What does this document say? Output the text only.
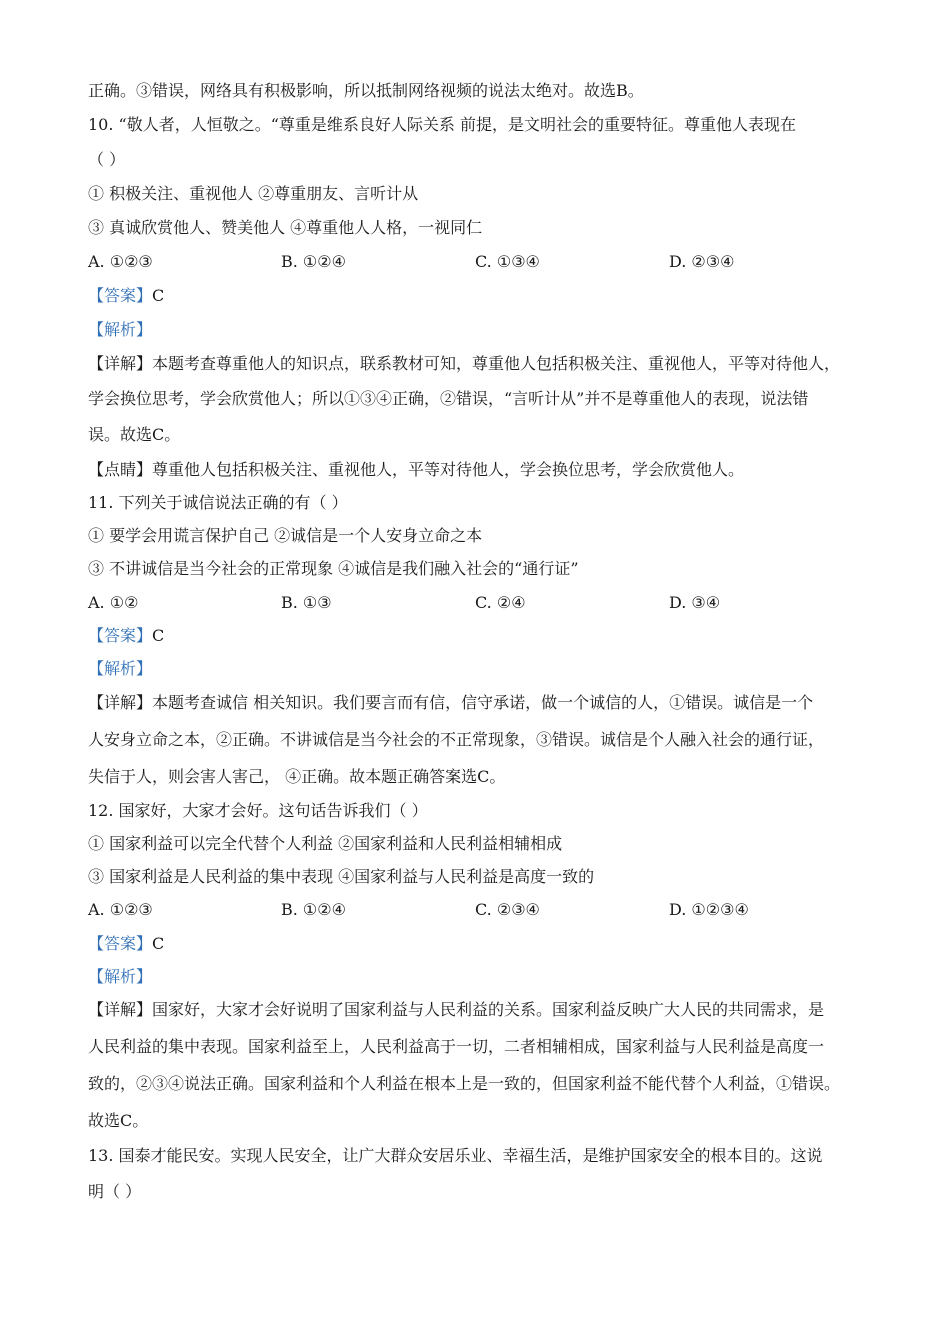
正确。③错误，网络具有积极影响，所以抵制网络视频的说法太绝对。故选B。
10. “敬人者，人恒敬之。“尊重是维系良好人际关系 前提，是文明社会的重要特征。尊重他人表现在
（ ）
① 积极关注、重视他人 ②尊重朋友、言听计从
③ 真诚欣赏他人、赞美他人 ④尊重他人人格，一视同仁
A. ①②③	B. ①②④	C. ①③④	D. ②③④
【答案】C
【解析】
【详解】本题考查尊重他人的知识点，联系教材可知，尊重他人包括积极关注、重视他人，平等对待他人，
学会换位思考，学会欣赏他人；所以①③④正确，②错误，“言听计从”并不是尊重他人的表现，说法错
误。故选C。
【点睛】尊重他人包括积极关注、重视他人，平等对待他人，学会换位思考，学会欣赏他人。
11. 下列关于诚信说法正确的有（ ）
① 要学会用谎言保护自己 ②诚信是一个人安身立命之本
③ 不讲诚信是当今社会的正常现象 ④诚信是我们融入社会的“通行证”
A. ①②	B. ①③	C. ②④	D. ③④
【答案】C
【解析】
【详解】本题考查诚信 相关知识。我们要言而有信，信守承诺，做一个诚信的人，①错误。诚信是一个
人安身立命之本，②正确。不讲诚信是当今社会的不正常现象，③错误。诚信是个人融入社会的通行证，
失信于人，则会害人害己， ④正确。故本题正确答案选C。
12. 国家好，大家才会好。这句话告诉我们（ ）
① 国家利益可以完全代替个人利益 ②国家利益和人民利益相辅相成
③ 国家利益是人民利益的集中表现 ④国家利益与人民利益是高度一致的
A. ①②③	B. ①②④	C. ②③④	D. ①②③④
【答案】C
【解析】
【详解】国家好，大家才会好说明了国家利益与人民利益的关系。国家利益反映广大人民的共同需求，是
人民利益的集中表现。国家利益至上，人民利益高于一切，二者相辅相成，国家利益与人民利益是高度一
致的，②③④说法正确。国家利益和个人利益在根本上是一致的，但国家利益不能代替个人利益，①错误。
故选C。
13. 国泰才能民安。实现人民安全，让广大群众安居乐业、幸福生活，是维护国家安全的根本目的。这说
明（ ）
